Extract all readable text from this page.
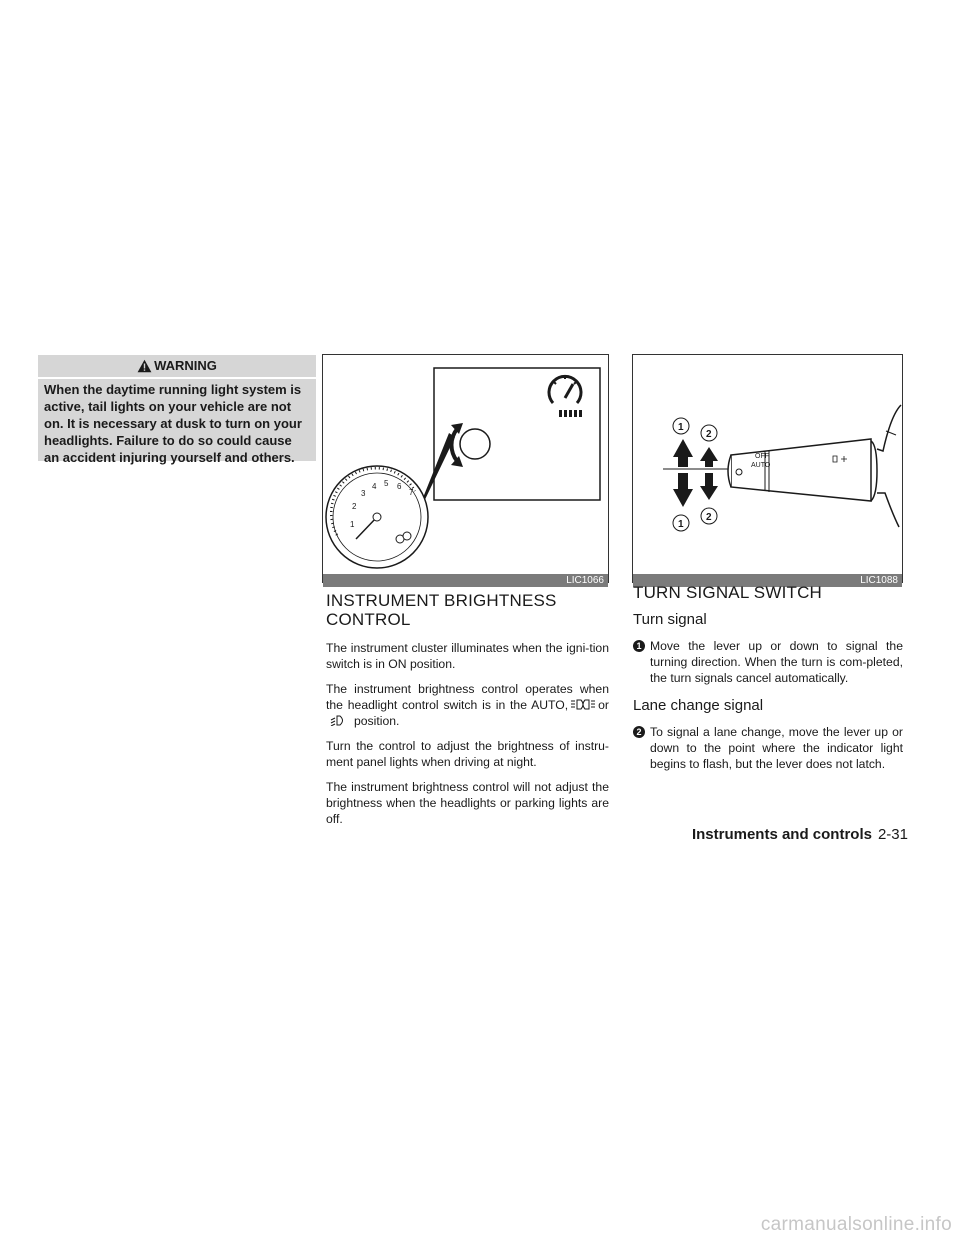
WARNING
When the daytime running light system is
active, tail lights on your vehicle are not
on. It is necessary at dusk to turn on your
headlights. Failure to do so could cause
an accident injuring yourself and others.
1
2
3
4 5 6
7
LIC1066
OFF
AUTO
1
2
1
2
LIC1088
INSTRUMENT BRIGHTNESS
CONTROL

The instrument cluster illuminates when the igni-tion switch is in ON position.

The instrument brightness control operates when the headlight control switch is in the AUTO, orposition.

Turn the control to adjust the brightness of instru-ment panel lights when driving at night.

The instrument brightness control will not adjust the brightness when the headlights or parking lights are off.

TURN SIGNAL SWITCH
Turn signal
1 Move the lever up or down to signal the turning direction. When the turn is com-pleted, the turn signals cancel automatically.

Lane change signal
2 To signal a lane change, move the lever up or down to the point where the indicator light begins to flash, but the lever does not latch.

Instruments and controls 2-31
carmanualsonline.info
